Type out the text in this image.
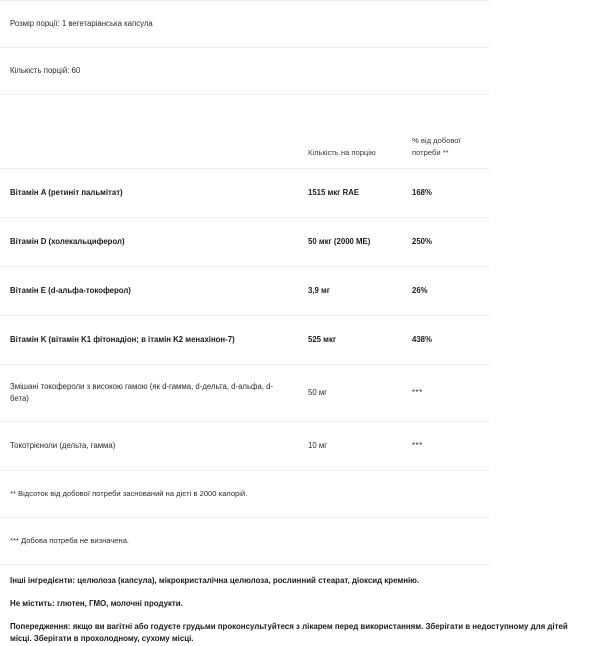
Розмір порції: 1 вегетаріанська капсула		
Кількість порцій: 60		
	Кількість на порцію	% від добової потреби **
Вітамін A (ретиніт пальмітат)	1515 мкг RAE	168%
Вітамін D (холекальциферол)	50 мкг (2000 МЕ)	250%
Вітамін E (d-альфа-токоферол)	3,9 мг	26%
Вітамін K (вітамін K1 фітонадіон; в ітамін K2 менахінон-7)	525 мкг	438%
Змішані токофероли з високою гамою (як d-гамма, d-дельта, d-альфа, d-бета)	50 мг	***
Токотрієноли (дельта, гамма)	10 мг	***
** Відсоток від добової потреби заснований на дієті в 2000 калорій.		
*** Добова потреба не визначена.		

Інші інгредієнти: целюлоза (капсула), мікрокристалічна целюлоза, рослинний стеарат, діоксид кремнію.

Не містить: глютен, ГМО, молочні продукти.

Попередження: якщо ви вагітні або годуєте грудьми проконсультуйтеся з лікарем перед використанням. Зберігати в недоступному для дітей місці. Зберігати в прохолодному, сухому місці.
